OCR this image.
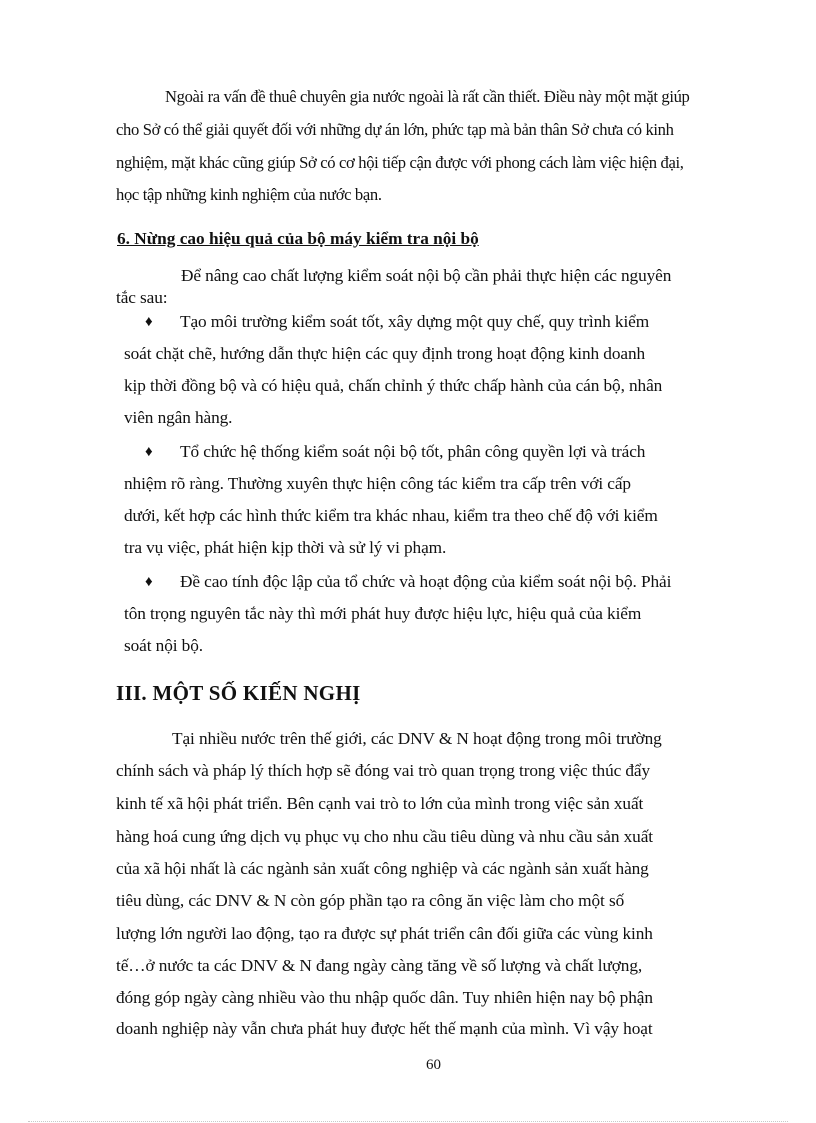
Ngoài ra vấn đề thuê chuyên gia nước ngoài là rất cần thiết. Điều này một mặt giúp
cho Sở có thể giải quyết đối với những dự án lớn, phức tạp mà bản thân Sở chưa có kinh
nghiệm, mặt khác cũng giúp Sở có cơ hội tiếp cận được với phong cách làm việc hiện đại,
học tập những kinh nghiệm của nước bạn.
6. Nừng cao hiệu quả của bộ máy kiểm tra nội bộ
Để nâng cao chất lượng kiểm soát nội bộ cần phải thực hiện các nguyên
tắc sau:
♦ Tạo môi trường kiểm soát tốt, xây dựng một quy chế, quy trình kiểm
soát chặt chẽ, hướng dẫn thực hiện các quy định trong hoạt động kinh doanh
kịp thời đồng bộ và có hiệu quả, chấn chỉnh ý thức chấp hành của cán bộ, nhân
viên ngân hàng.
♦ Tổ chức hệ thống kiểm soát nội bộ tốt, phân công quyền lợi và trách
nhiệm rõ ràng. Thường xuyên thực hiện công tác kiểm tra cấp trên với cấp
dưới, kết hợp các hình thức kiểm tra khác nhau, kiểm tra theo chế độ với kiểm
tra vụ việc, phát hiện kịp thời và sử lý vi phạm.
♦ Đề cao tính độc lập của tổ chức và hoạt động của kiểm soát nội bộ. Phải
tôn trọng nguyên tắc này thì mới phát huy được hiệu lực, hiệu quả của kiểm
soát nội bộ.
III. MỘT SỐ KIẾN NGHỊ
Tại nhiều nước trên thế giới, các DNV & N hoạt động trong môi trường
chính sách và pháp lý thích hợp sẽ đóng vai trò quan trọng trong việc thúc đẩy
kinh tế xã hội phát triển. Bên cạnh vai trò to lớn của mình trong việc sản xuất
hàng hoá cung ứng dịch vụ phục vụ cho nhu cầu tiêu dùng và nhu cầu sản xuất
của xã hội nhất là các ngành sản xuất công nghiệp và các ngành sản xuất hàng
tiêu dùng, các DNV & N còn góp phần tạo ra công ăn việc làm cho một số
lượng lớn người lao động, tạo ra được sự phát triển cân đối giữa các vùng kinh
tế…ở nước ta các DNV & N đang ngày càng tăng về số lượng và chất lượng,
đóng góp ngày càng nhiều vào thu nhập quốc dân. Tuy nhiên hiện nay bộ phận
doanh nghiệp này vẫn chưa phát huy được hết thế mạnh của mình. Vì vậy hoạt
60
